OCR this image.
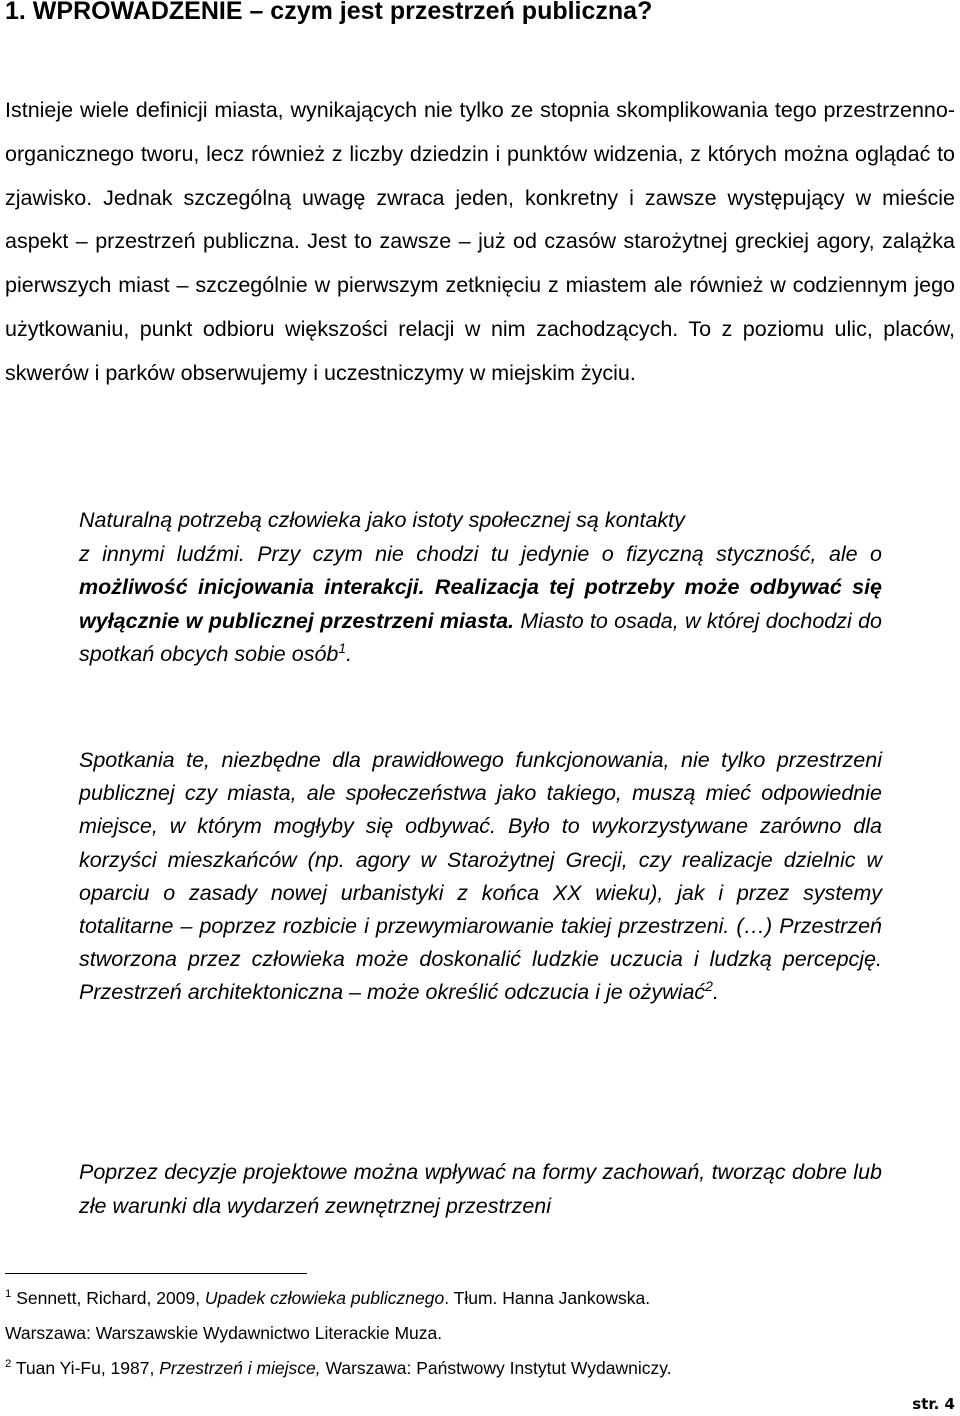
1. WPROWADZENIE – czym jest przestrzeń publiczna?

Istnieje wiele definicji miasta, wynikających nie tylko ze stopnia skomplikowania tego przestrzenno-organicznego tworu, lecz również z liczby dziedzin i punktów widzenia, z których można oglądać to zjawisko. Jednak szczególną uwagę zwraca jeden, konkretny i zawsze występujący w mieście aspekt – przestrzeń publiczna. Jest to zawsze – już od czasów starożytnej greckiej agory, zalążka pierwszych miast – szczególnie w pierwszym zetknięciu z miastem ale również w codziennym jego użytkowaniu, punkt odbioru większości relacji w nim zachodzących. To z poziomu ulic, placów, skwerów i parków obserwujemy i uczestniczymy w miejskim życiu.

Naturalną potrzebą człowieka jako istoty społecznej są kontakty
z innymi ludźmi. Przy czym nie chodzi tu jedynie o fizyczną styczność, ale o możliwość inicjowania interakcji. Realizacja tej potrzeby może odbywać się wyłącznie w publicznej przestrzeni miasta. Miasto to osada, w której dochodzi do spotkań obcych sobie osób$^1$.

Spotkania te, niezbędne dla prawidłowego funkcjonowania, nie tylko przestrzeni publicznej czy miasta, ale społeczeństwa jako takiego, muszą mieć odpowiednie miejsce, w którym mogłyby się odbywać. Było to wykorzystywane zarówno dla korzyści mieszkańców (np. agory w Starożytnej Grecji, czy realizacje dzielnic w oparciu o zasady nowej urbanistyki z końca XX wieku), jak i przez systemy totalitarne – poprzez rozbicie i przewymiarowanie takiej przestrzeni. (…) Przestrzeń stworzona przez człowieka może doskonalić ludzkie uczucia i ludzką percepcję. Przestrzeń architektoniczna – może określić odczucia i je ożywiać$^2$.

Poprzez decyzje projektowe można wpływać na formy zachowań, tworząc dobre lub złe warunki dla wydarzeń zewnętrznej przestrzeni

$^1$ Sennett, Richard, 2009, Upadek człowieka publicznego. Tłum. Hanna Jankowska.

Warszawa: Warszawskie Wydawnictwo Literackie Muza.

$^2$ Tuan Yi-Fu, 1987, Przestrzeń i miejsce, Warszawa: Państwowy Instytut Wydawniczy.

str. 4
